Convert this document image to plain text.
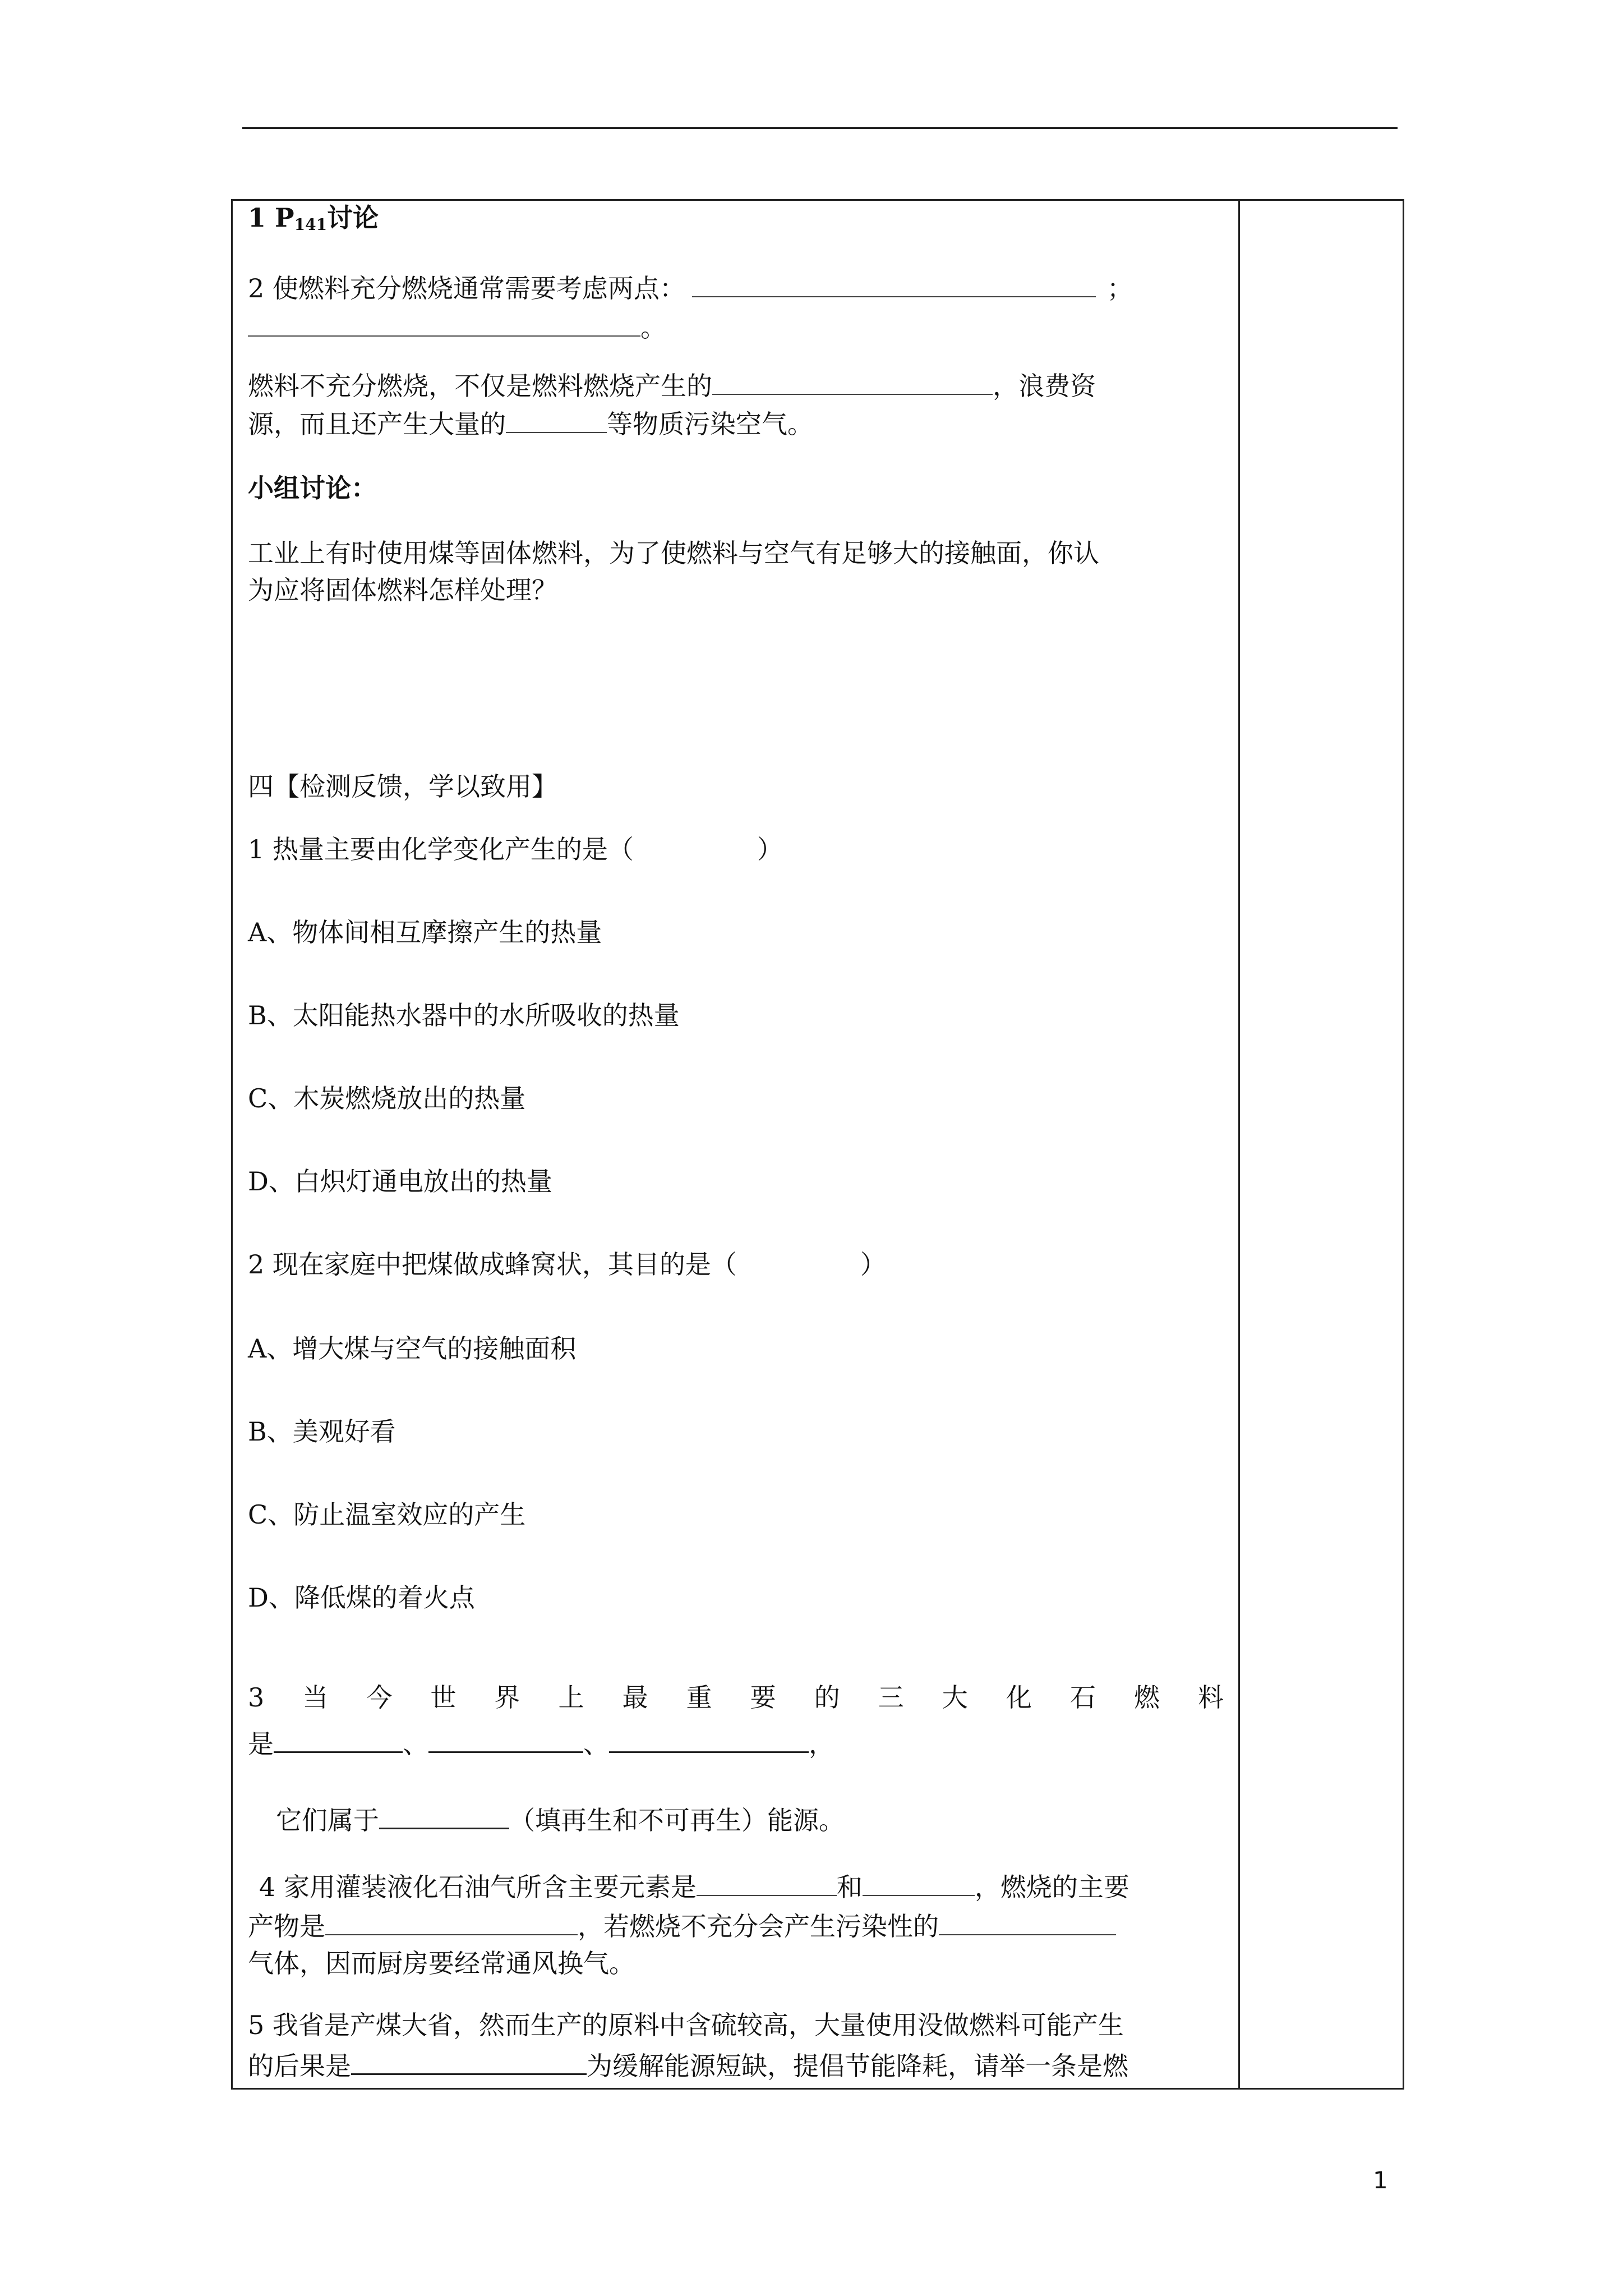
1 $P_{141}$讨论
2 使燃料充分燃烧通常需要考虑两点：	；
。
燃料不充分燃烧，不仅是燃料燃烧产生的	，浪费资
源，而且还产生大量的	等物质污染空气。
小组讨论：
工业上有时使用煤等固体燃料，为了使燃料与空气有足够大的接触面，你认
为应将固体燃料怎样处理？
四【检测反馈，学以致用】
1 热量主要由化学变化产生的是（	）
A、物体间相互摩擦产生的热量
B、太阳能热水器中的水所吸收的热量
C、木炭燃烧放出的热量
D、白炽灯通电放出的热量
2 现在家庭中把煤做成蜂窝状，其目的是（	）
A、增大煤与空气的接触面积
B、美观好看
C、防止温室效应的产生
D、降低煤的着火点
3 当 今 世 界 上 最 重 要 的 三 大 化 石 燃 料
是	、	、	，
它们属于	（填再生和不可再生）能源。
4 家用灌装液化石油气所含主要元素是	和	，燃烧的主要
产物是	，若燃烧不充分会产生污染性的
气体，因而厨房要经常通风换气。
5 我省是产煤大省，然而生产的原料中含硫较高，大量使用没做燃料可能产生
的后果是	为缓解能源短缺，提倡节能降耗，请举一条是燃
1
